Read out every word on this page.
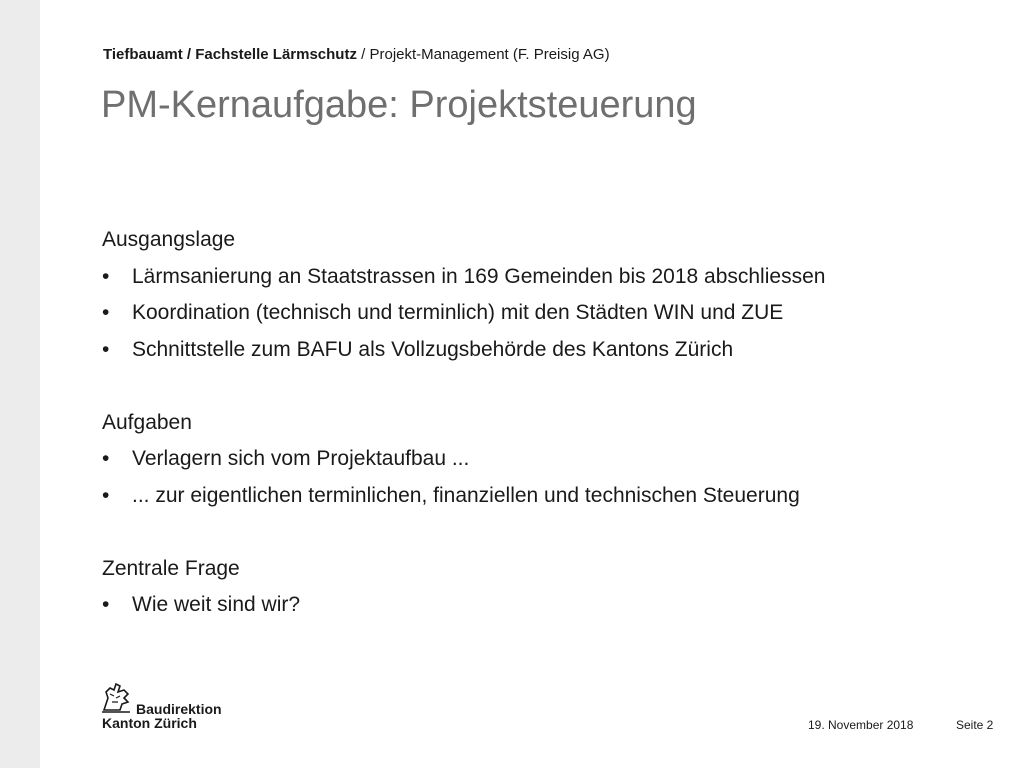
Tiefbauamt / Fachstelle Lärmschutz / Projekt-Management (F. Preisig AG)
PM-Kernaufgabe: Projektsteuerung
Ausgangslage
• Lärmsanierung an Staatstrassen in 169 Gemeinden bis 2018 abschliessen
• Koordination (technisch und terminlich) mit den Städten WIN und ZUE
• Schnittstelle zum BAFU als Vollzugsbehörde des Kantons Zürich
Aufgaben
• Verlagern sich vom Projektaufbau ...
• ... zur eigentlichen terminlichen, finanziellen und technischen Steuerung
Zentrale Frage
• Wie weit sind wir?
Baudirektion
Kanton Zürich	19. November 2018	Seite 2
